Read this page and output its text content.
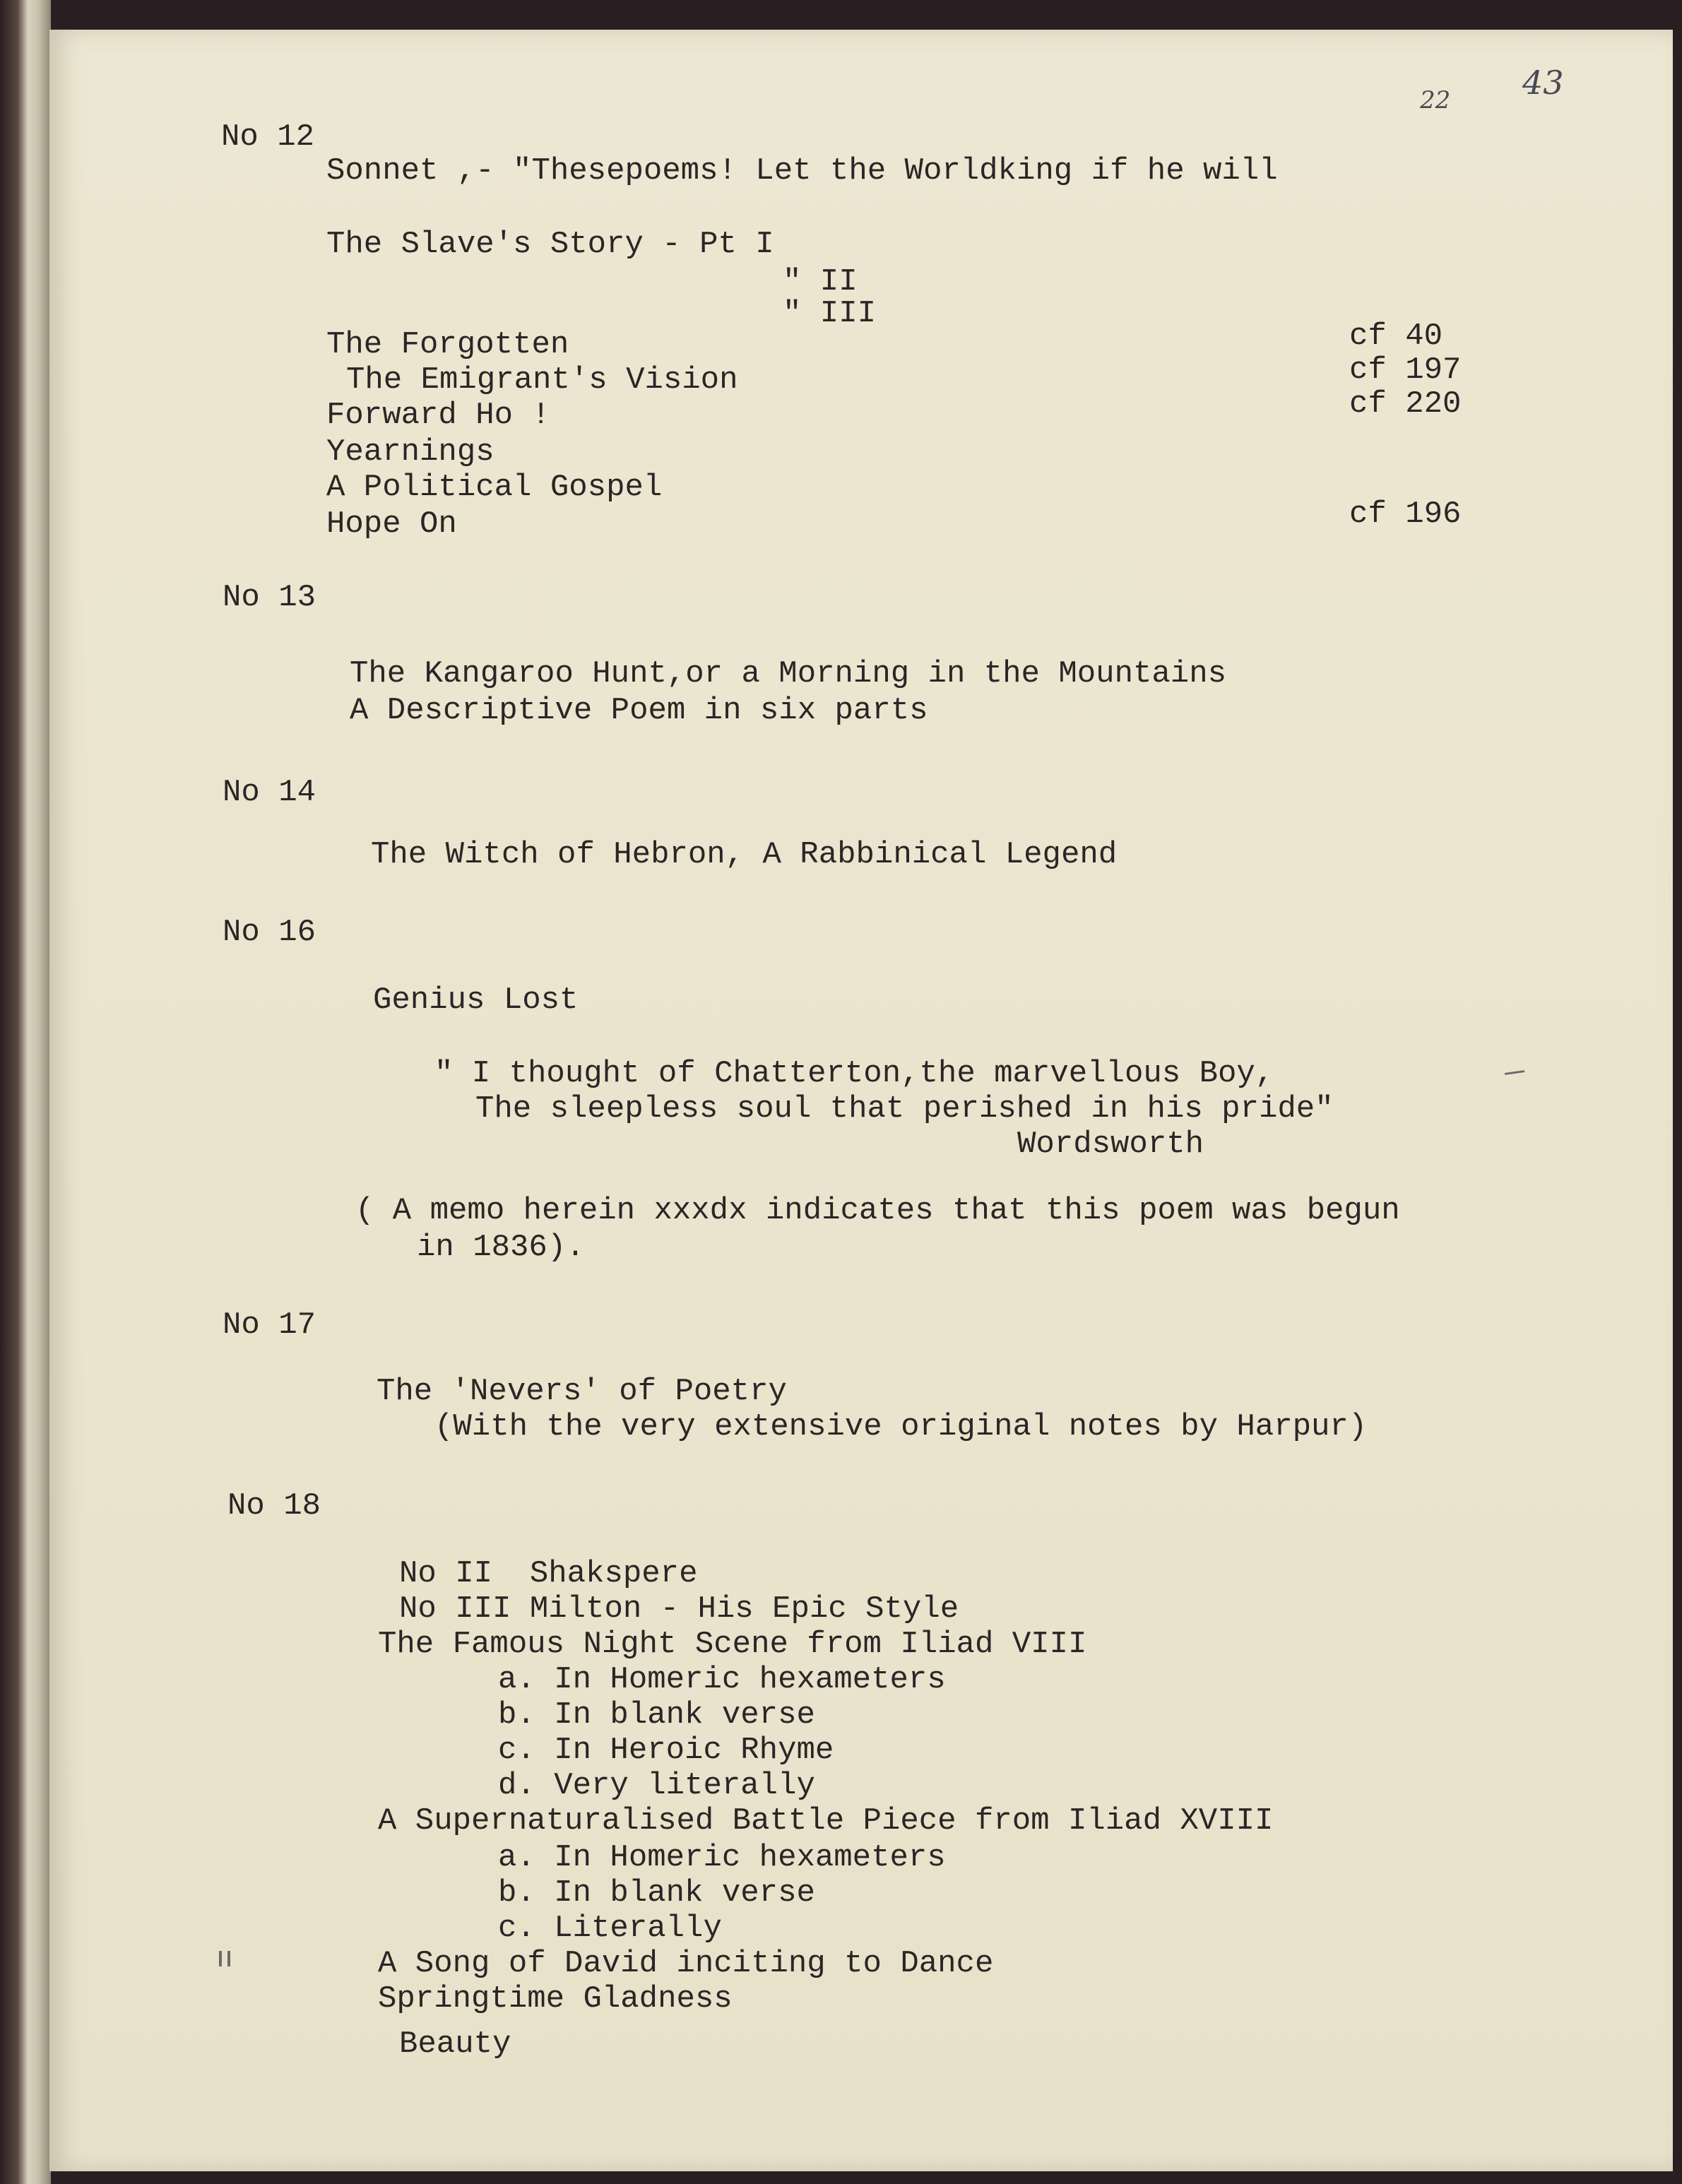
22 43
No 12
Sonnet ,- "Thesepoems! Let the Worldking if he will
The Slave's Story - Pt I
" II
" III
The Forgotten	cf 40
The Emigrant's Vision	cf 197
Forward Ho !	cf 220
Yearnings
A Political Gospel
Hope On	cf 196
No 13
The Kangaroo Hunt,or a Morning in the Mountains
A Descriptive Poem in six parts
No 14
The Witch of Hebron, A Rabbinical Legend
No 16
Genius Lost
" I thought of Chatterton,the marvellous Boy,
The sleepless soul that perished in his pride"
Wordsworth
( A memo herein xxxdx indicates that this poem was begun
in 1836).
No 17
The 'Nevers' of Poetry
(With the very extensive original notes by Harpur)
No 18
No II  Shakspere
No III Milton - His Epic Style
The Famous Night Scene from Iliad VIII
a. In Homeric hexameters
b. In blank verse
c. In Heroic Rhyme
d. Very literally
A Supernaturalised Battle Piece from Iliad XVIII
a. In Homeric hexameters
b. In blank verse
c. Literally
A Song of David inciting to Dance
Springtime Gladness
Beauty
